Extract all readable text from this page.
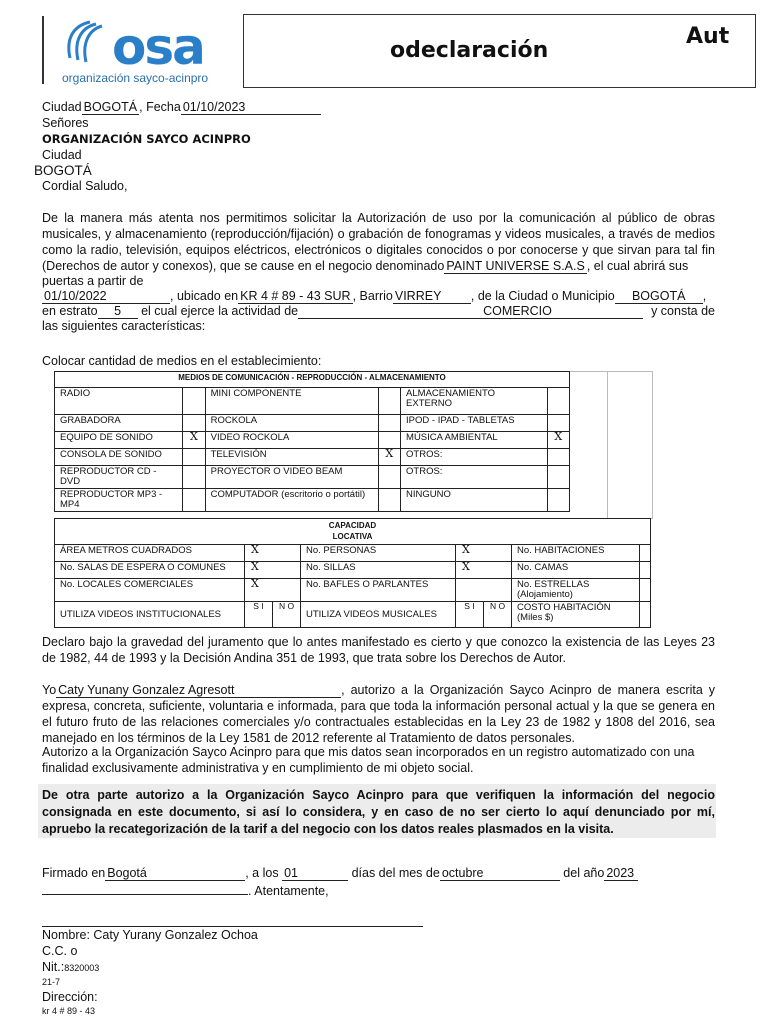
osa
organización sayco-acinpro
odeclaración
Aut
Ciudad BOGOTÁ , Fecha 01/10/2023
Señores
ORGANIZACIÓN SAYCO ACINPRO
Ciudad
BOGOTÁ
Cordial Saludo,
De la manera más atenta nos permitimos solicitar la Autorización de uso por la comunicación al público de obras musicales, y almacenamiento (reproducción/fijación) o grabación de fonogramas y videos musicales, a través de medios como la radio, televisión, equipos eléctricos, electrónicos o digitales conocidos o por conocerse y que sirvan para tal fin (Derechos de autor y conexos), que se cause en el negocio denominado PAINT UNIVERSE S.A.S , el cual abrirá sus
puertas a partir de
01/10/2022	, ubicado en KR 4 # 89 - 43 SUR , Barrio VIRREY , de la Ciudad o Municipio BOGOTÁ ,
en estrato 5 el cual ejerce la actividad de	COMERCIO	y consta de
las siguientes características:
Colocar cantidad de medios en el establecimiento:
MEDIOS DE COMUNICACIÓN - REPRODUCCIÓN - ALMACENAMIENTO					
RADIO		MINI COMPONENTE		ALMACENAMIENTO EXTERNO	
GRABADORA		ROCKOLA		IPOD - IPAD - TABLETAS	
EQUIPO DE SONIDO	X	VIDEO ROCKOLA		MÚSICA AMBIENTAL	X
CONSOLA DE SONIDO		TELEVISIÓN	X	OTROS:	
REPRODUCTOR CD - DVD		PROYECTOR O VIDEO BEAM		OTROS:	
REPRODUCTOR MP3 - MP4		COMPUTADOR (escritorio o portátil)		NINGUNO	
CAPACIDAD
LOCATIVA							
ÁREA METROS CUADRADOS	X		No. PERSONAS	X		No. HABITACIONES	
No. SALAS DE ESPERA O COMUNES	X		No. SILLAS	X		No. CAMAS	
No. LOCALES COMERCIALES	X		No. BAFLES O PARLANTES			No. ESTRELLAS (Alojamiento)	
UTILIZA VIDEOS INSTITUCIONALES	S I	N O	UTILIZA VIDEOS MUSICALES	S I	N O	COSTO HABITACIÓN (Miles $)	
Declaro bajo la gravedad del juramento que lo antes manifestado es cierto y que conozco la existencia de las Leyes 23 de 1982, 44 de 1993 y la Decisión Andina 351 de 1993, que trata sobre los Derechos de Autor.
Yo Caty Yunany Gonzalez Agresott	, autorizo a la Organización Sayco Acinpro de manera escrita y expresa, concreta, suficiente, voluntaria e informada, para que toda la información personal actual y la que se genera en el futuro fruto de las relaciones comerciales y/o contractuales establecidas en la Ley 23 de 1982 y 1808 del 2016, sea manejado en los términos de la Ley 1581 de 2012 referente al Tratamiento de datos personales.
Autorizo a la Organización Sayco Acinpro para que mis datos sean incorporados en un registro automatizado con una finalidad exclusivamente administrativa y en cumplimiento de mi objeto social.
De otra parte autorizo a la Organización Sayco Acinpro para que verifiquen la información del negocio consignada en este documento, si así lo considera, y en caso de no ser cierto lo aquí denunciado por mí, apruebo la recategorización de la tarif a del negocio con los datos reales plasmados en la visita.
Firmado en Bogotá	, a los 01	días del mes de octubre	del año 2023
. Atentamente,
Nombre: Caty Yurany Gonzalez Ochoa
C.C. o
Nit.:8320003
21-7
Dirección:
kr 4 # 89 - 43
